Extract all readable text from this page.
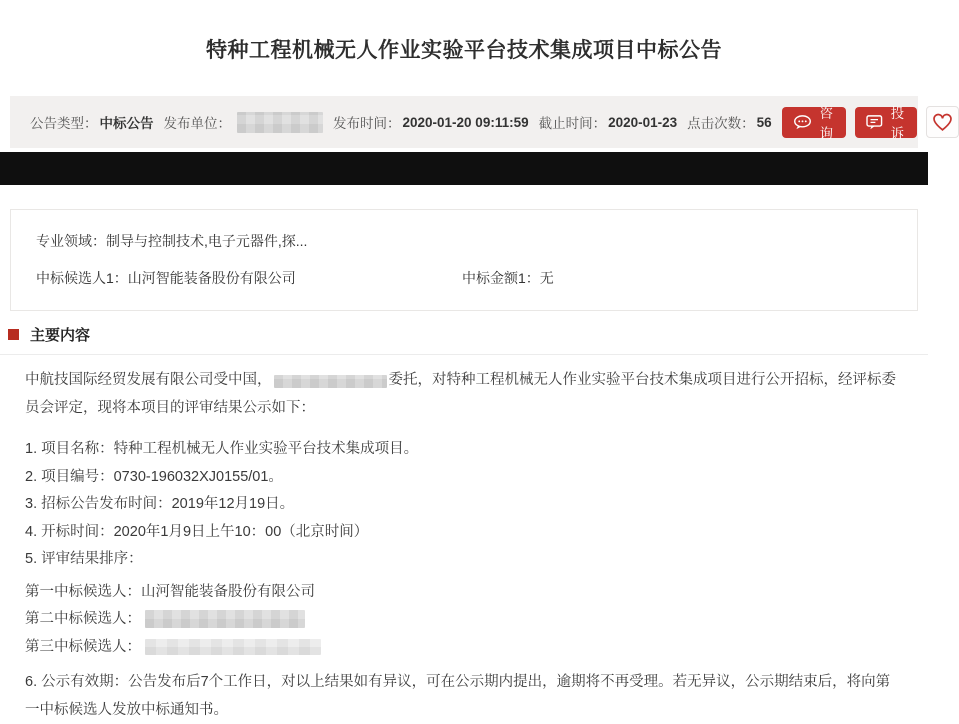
特种工程机械无人作业实验平台技术集成项目中标公告
公告类型： 中标公告 发布单位：	发布时间： 2020-01-20 09:11:59 截止时间： 2020-01-23 点击次数： 56
咨询
投诉
专业领域： 制导与控制技术,电子元器件,探...
中标候选人1： 山河智能装备股份有限公司	中标金额1： 无
主要内容
中航技国际经贸发展有限公司受中国，	委托，对特种工程机械无人作业实验平台技术集成项目进行公开招标，经评标委员会评定，现将本项目的评审结果公示如下：
1. 项目名称：特种工程机械无人作业实验平台技术集成项目。
2. 项目编号：0730-196032XJ0155/01。
3. 招标公告发布时间：2019年12月19日。
4. 开标时间：2020年1月9日上午10：00（北京时间）
5. 评审结果排序：
第一中标候选人：山河智能装备股份有限公司
第二中标候选人：
第三中标候选人：
6. 公示有效期：公告发布后7个工作日，对以上结果如有异议，可在公示期内提出，逾期将不再受理。若无异议，公示期结束后，将向第一中标候选人发放中标通知书。
